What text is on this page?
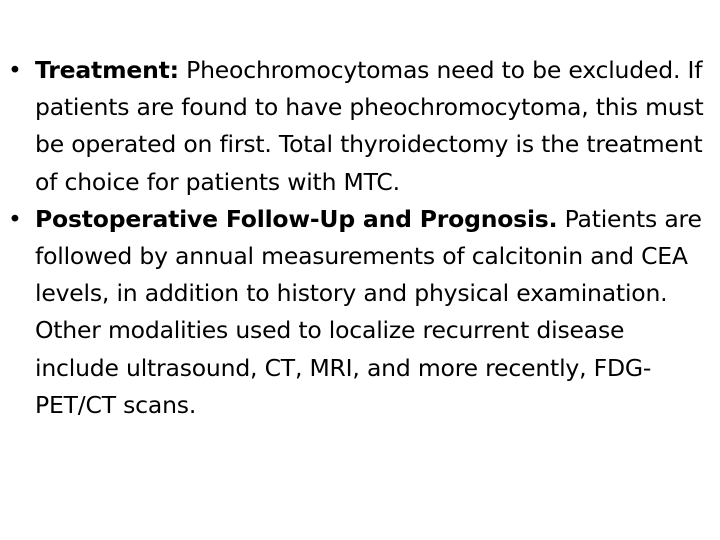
• Treatment: Pheochromocytomas need to be excluded. If patients are found to have pheochromocytoma, this must be operated on first. Total thyroidectomy is the treatment of choice for patients with MTC.
• Postoperative Follow-Up and Prognosis. Patients are followed by annual measurements of calcitonin and CEA levels, in addition to history and physical examination. Other modalities used to localize recurrent disease include ultrasound, CT, MRI, and more recently, FDG-PET/CT scans.
